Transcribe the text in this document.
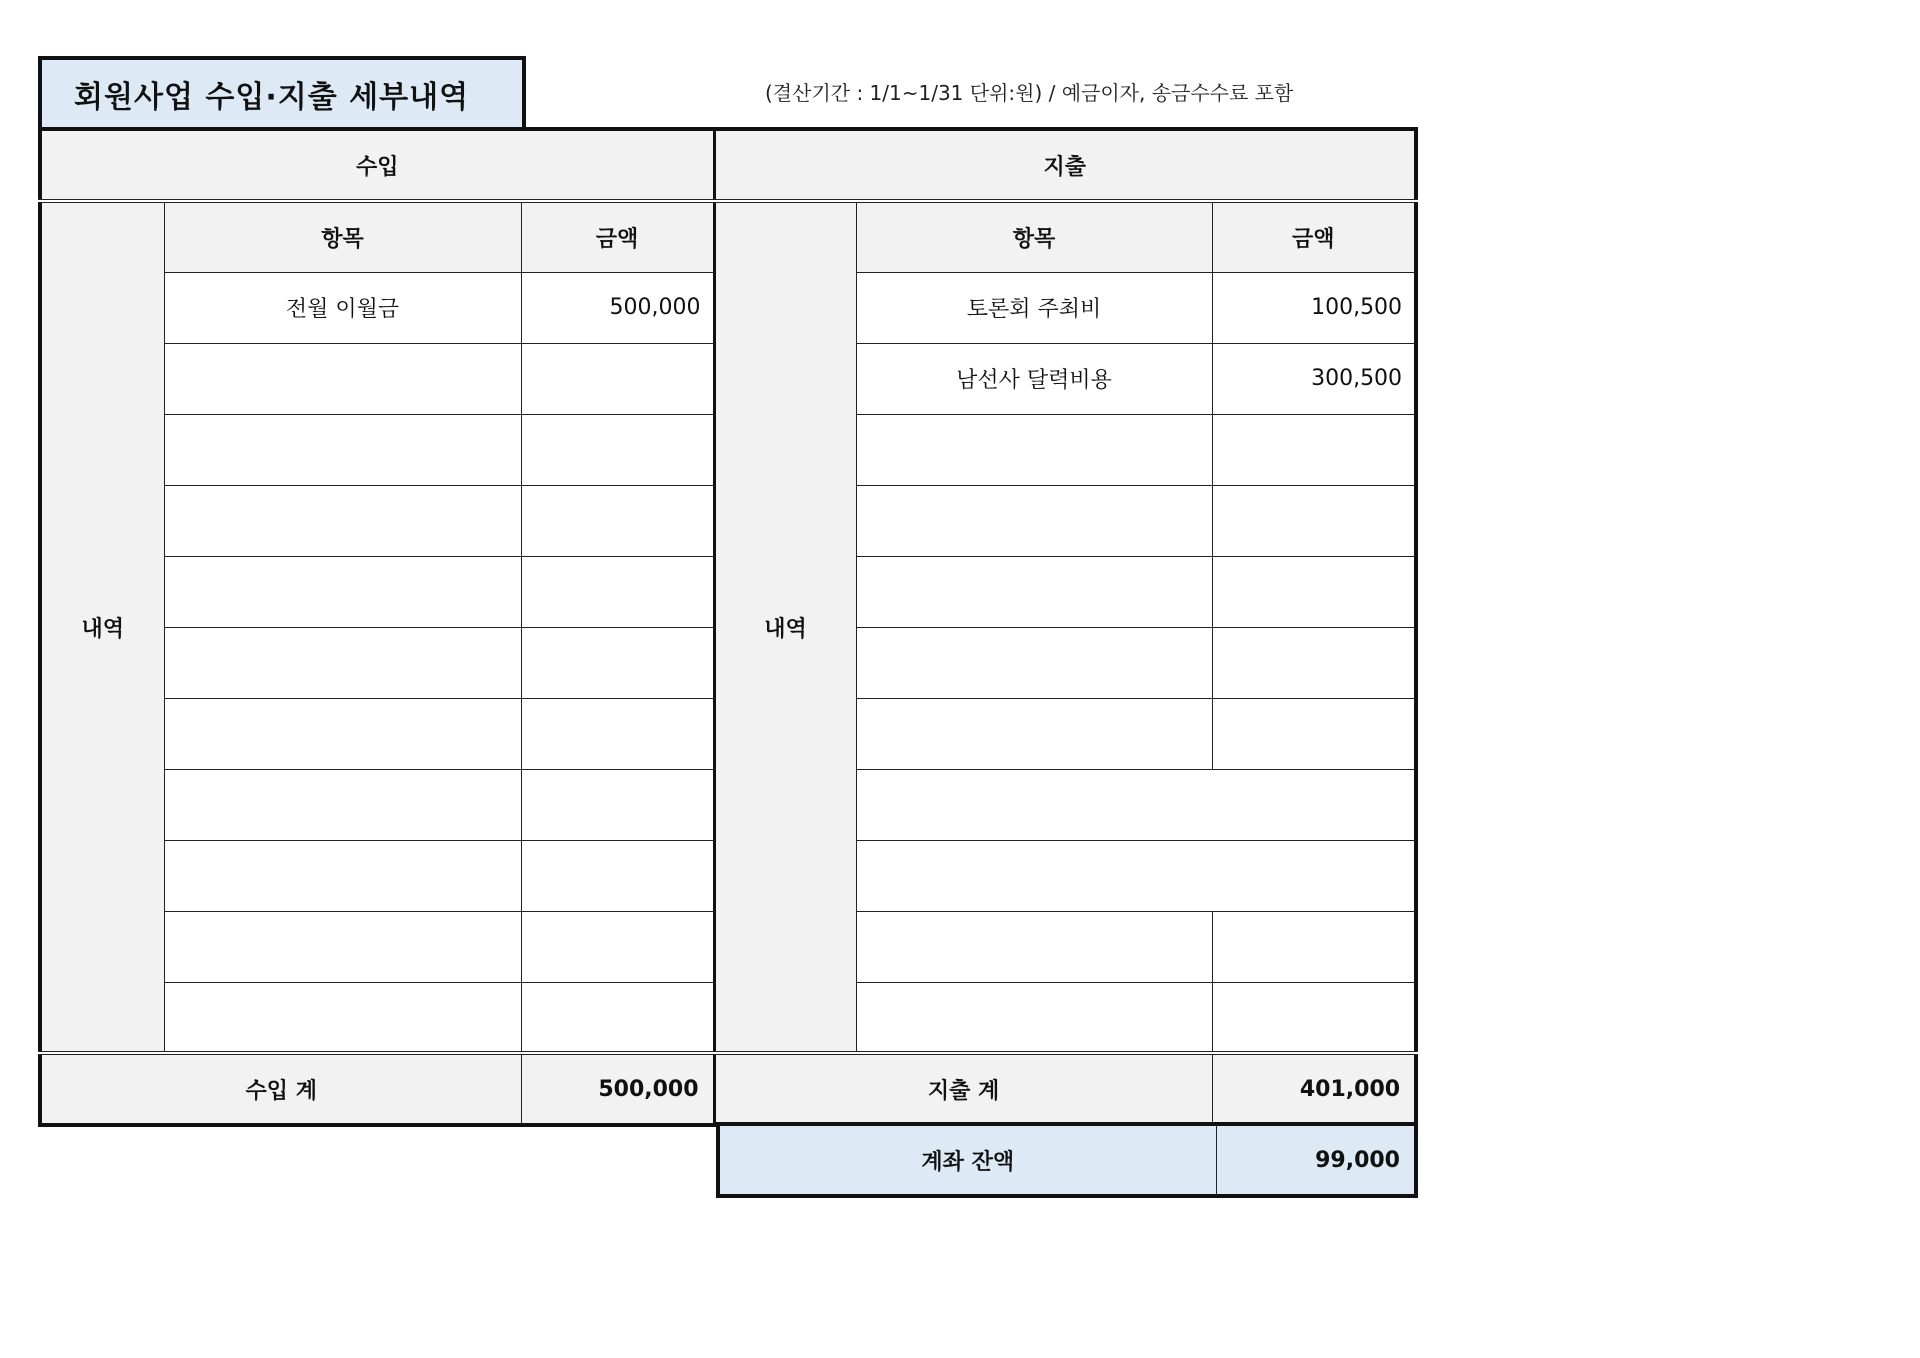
회원사업 수입·지출 세부내역	(결산기간 : 1/1~1/31 단위:원) / 예금이자, 송금수수료 포함
수입			지출		
내역	항목	금액	내역	항목	금액
	전월 이월금	500,000		토론회 주최비	100,500
				남선사 달력비용	300,500

수입 계		500,000	지출 계		401,000
계좌 잔액	99,000
